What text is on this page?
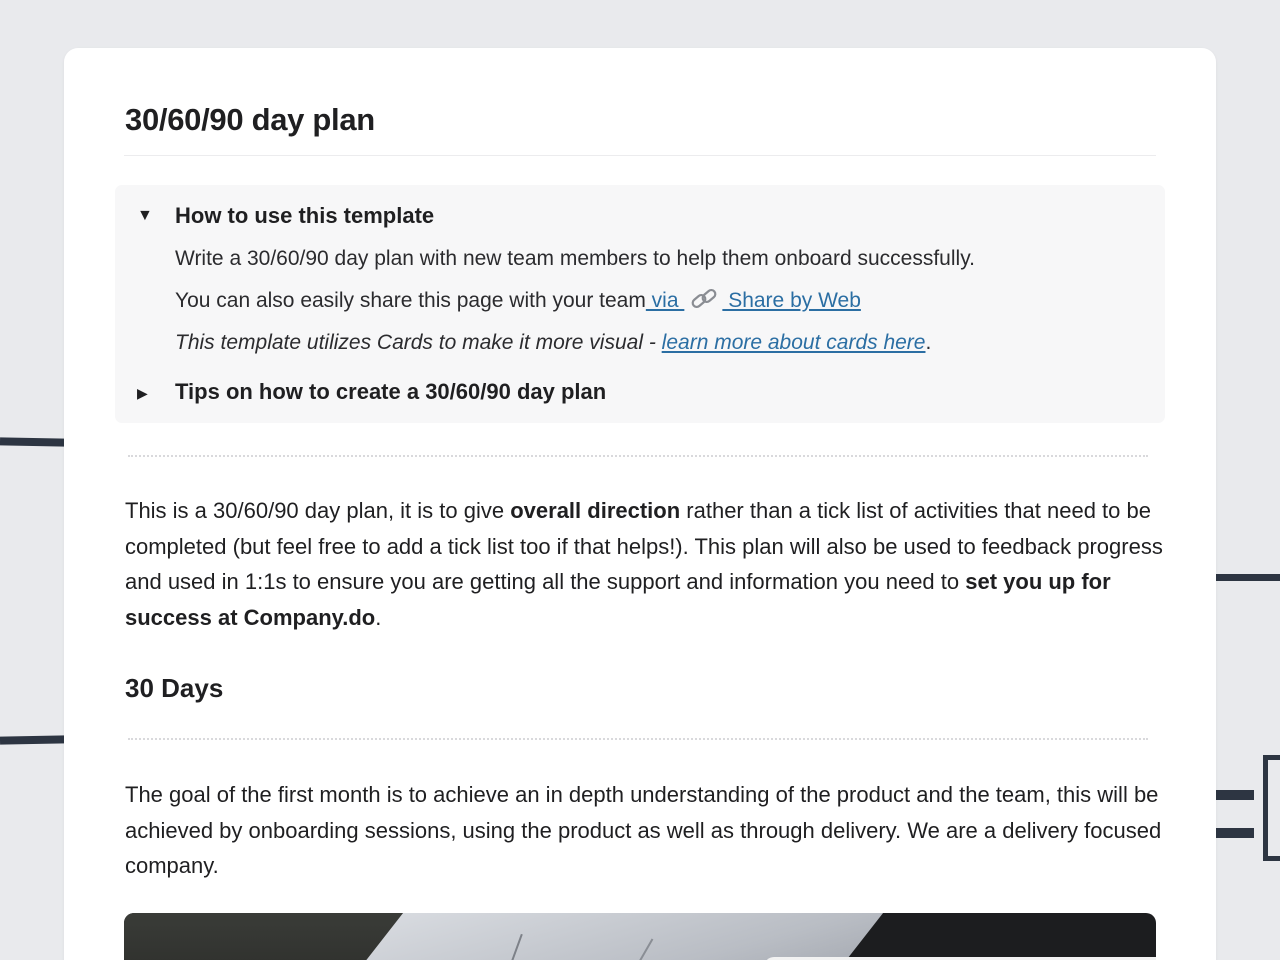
30/60/90 day plan
▼ How to use this template
Write a 30/60/90 day plan with new team members to help them onboard successfully.
You can also easily share this page with your team via  Share by Web
This template utilizes Cards to make it more visual - learn more about cards here.
▶ Tips on how to create a 30/60/90 day plan

This is a 30/60/90 day plan, it is to give overall direction rather than a tick list of activities that need to be completed (but feel free to add a tick list too if that helps!). This plan will also be used to feedback progress and used in 1:1s to ensure you are getting all the support and information you need to set you up for success at Company.do.

30 Days

The goal of the first month is to achieve an in depth understanding of the product and the team, this will be achieved by onboarding sessions, using the product as well as through delivery. We are a delivery focused company.
